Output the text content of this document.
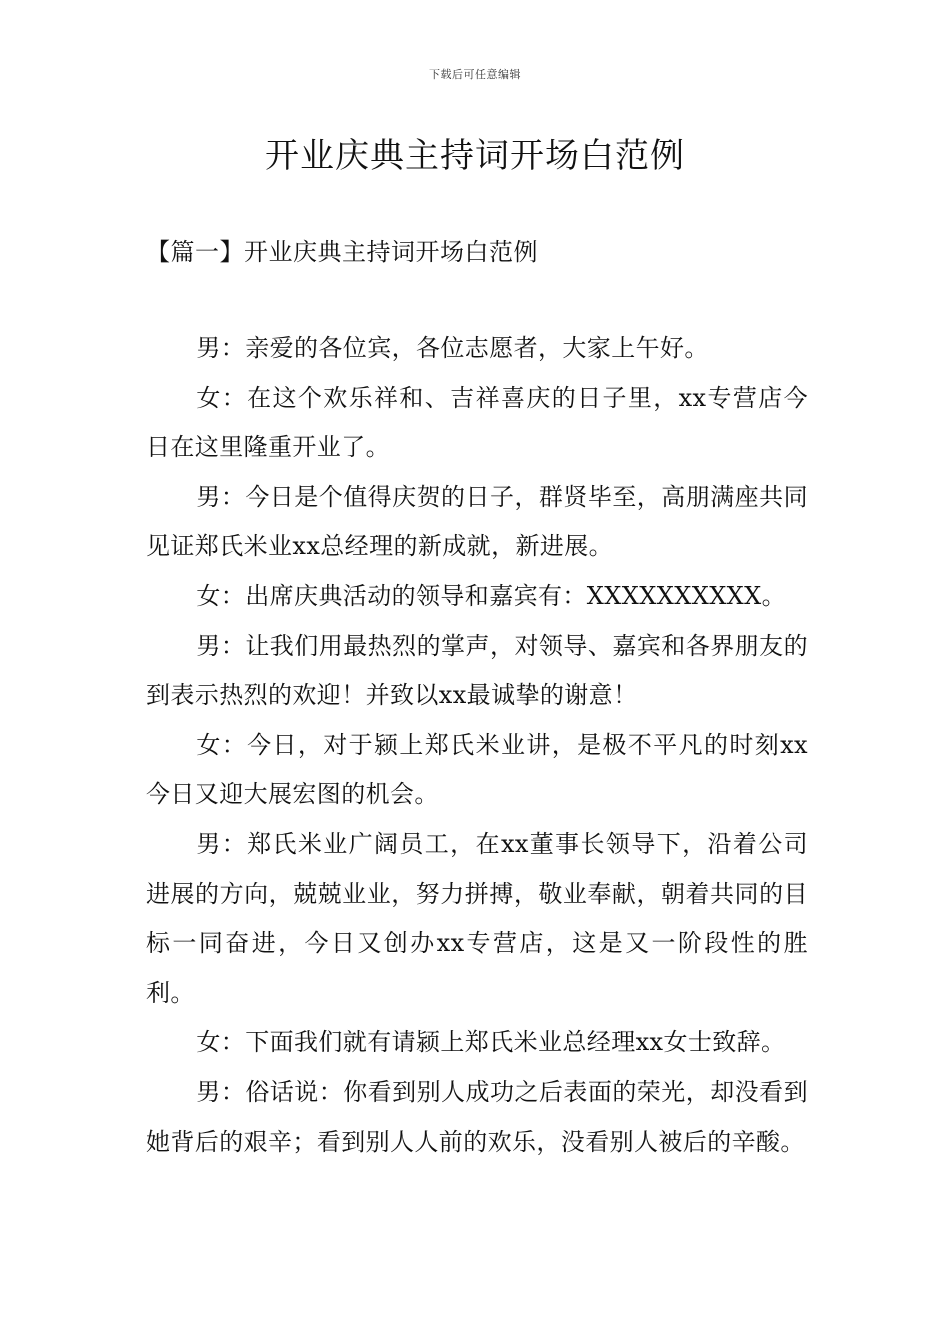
下载后可任意编辑
开业庆典主持词开场白范例
【篇一】开业庆典主持词开场白范例

男：亲爱的各位宾，各位志愿者，大家上午好。

女：在这个欢乐祥和、吉祥喜庆的日子里，xx专营店今日在这里隆重开业了。

男：今日是个值得庆贺的日子，群贤毕至，高朋满座共同见证郑氏米业xx总经理的新成就，新进展。

女：出席庆典活动的领导和嘉宾有：XXXXXXXXXX。

男：让我们用最热烈的掌声，对领导、嘉宾和各界朋友的到表示热烈的欢迎！并致以xx最诚挚的谢意！

女：今日，对于颍上郑氏米业讲，是极不平凡的时刻xx今日又迎大展宏图的机会。

男：郑氏米业广阔员工，在xx董事长领导下，沿着公司进展的方向，兢兢业业，努力拼搏，敬业奉献，朝着共同的目标一同奋进，今日又创办xx专营店，这是又一阶段性的胜利。

女：下面我们就有请颍上郑氏米业总经理xx女士致辞。

男：俗话说：你看到别人成功之后表面的荣光，却没看到她背后的艰辛；看到别人人前的欢乐，没看别人被后的辛酸。
